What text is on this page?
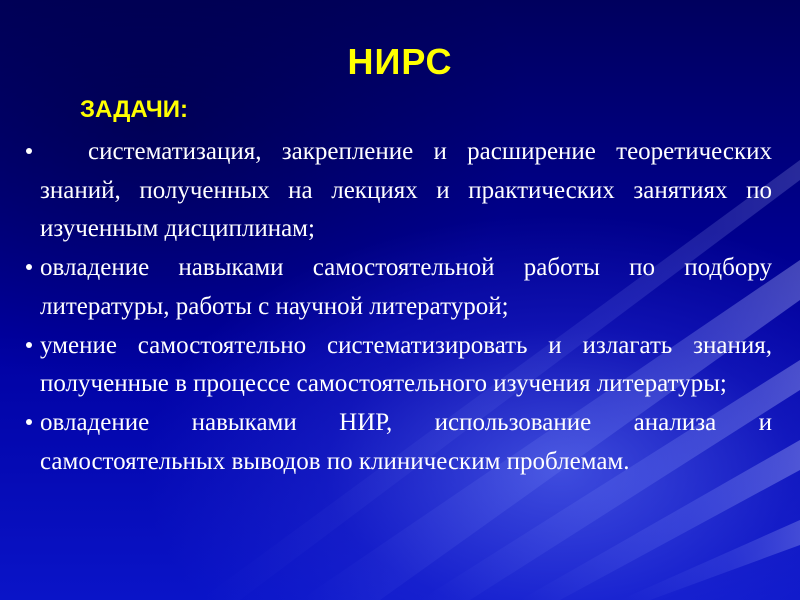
НИРС
ЗАДАЧИ:
систематизация, закрепление и расширение теоретических знаний, полученных на лекциях и практических занятиях по изученным дисциплинам;
овладение навыками самостоятельной работы по подбору литературы, работы с научной литературой;
умение самостоятельно систематизировать и излагать знания, полученные в процессе самостоятельного изучения литературы;
овладение навыками НИР, использование анализа и самостоятельных выводов по клиническим проблемам.
